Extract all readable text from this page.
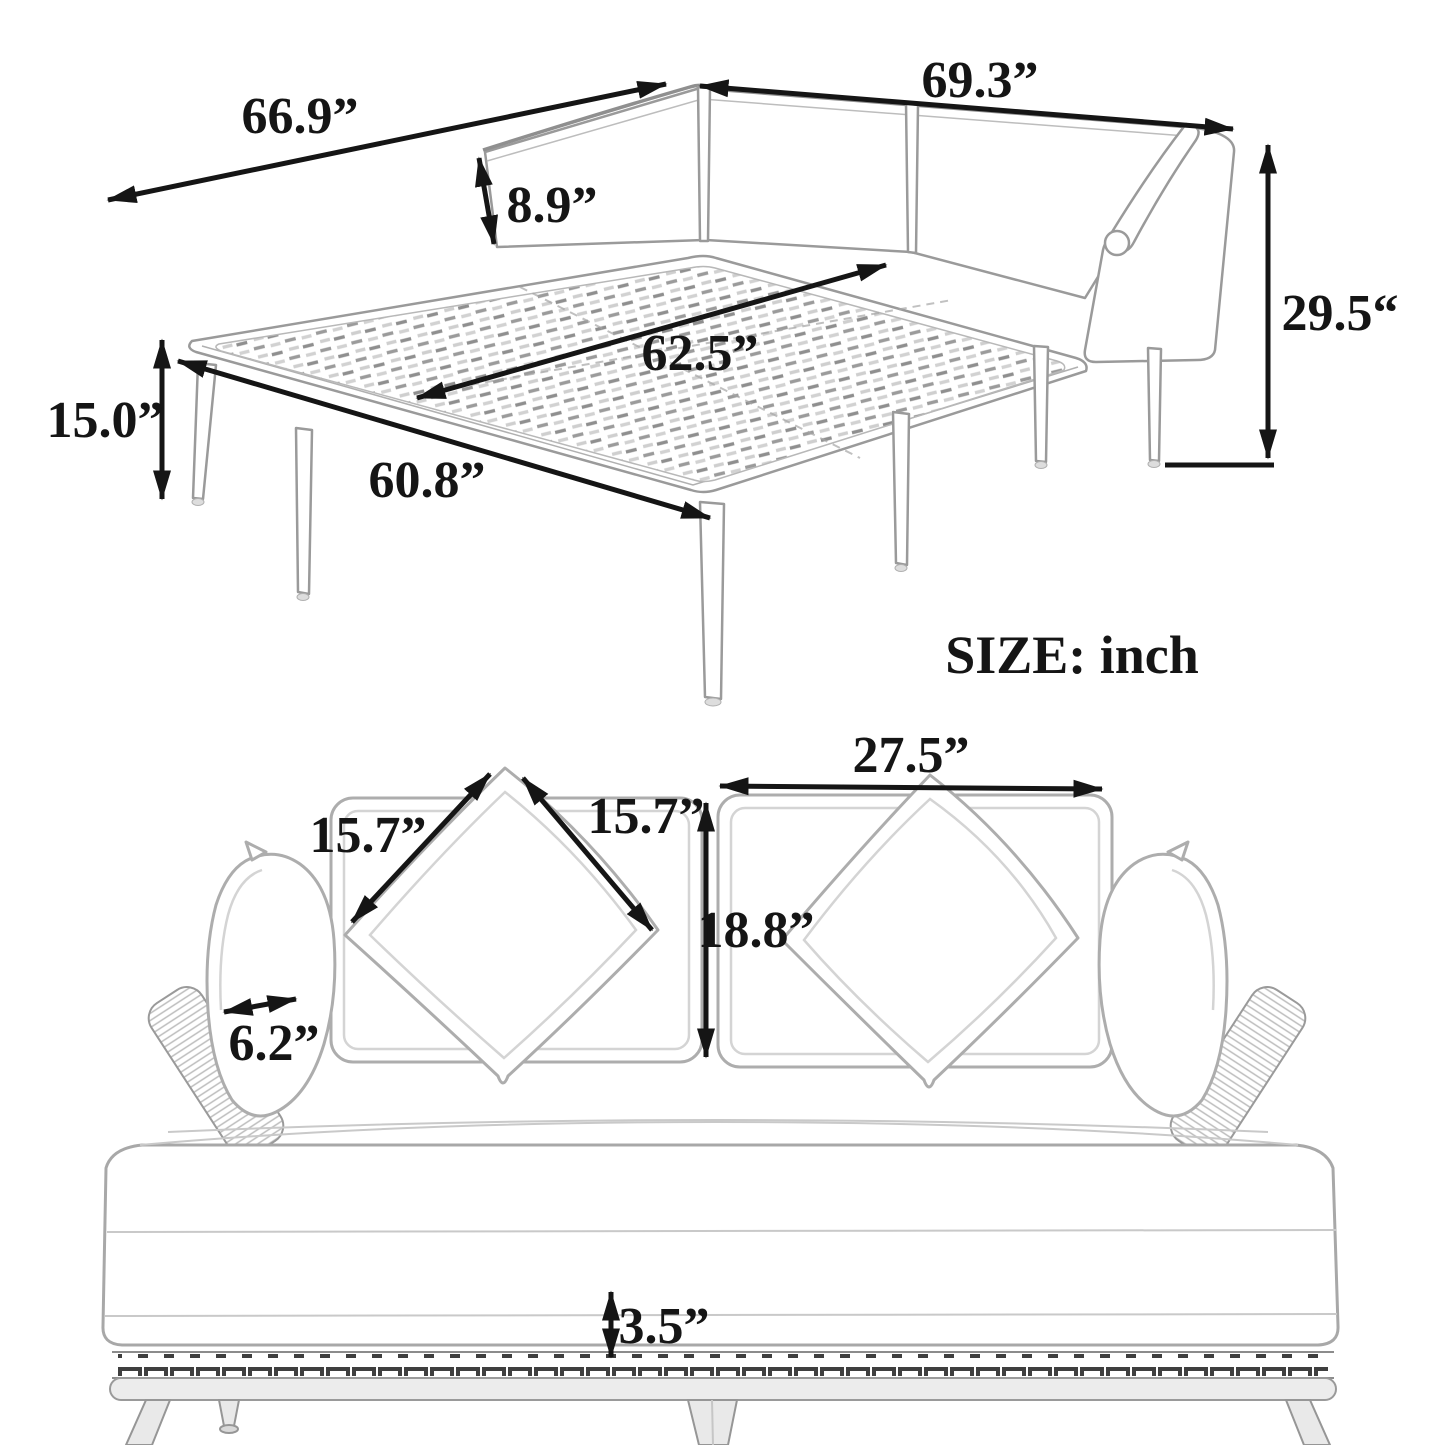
66.9”
69.3”
8.9”
62.5”
15.0”
60.8”
29.5“
SIZE: inch
15.7”	15.7”
27.5”
18.8”
6.2”
3.5”
